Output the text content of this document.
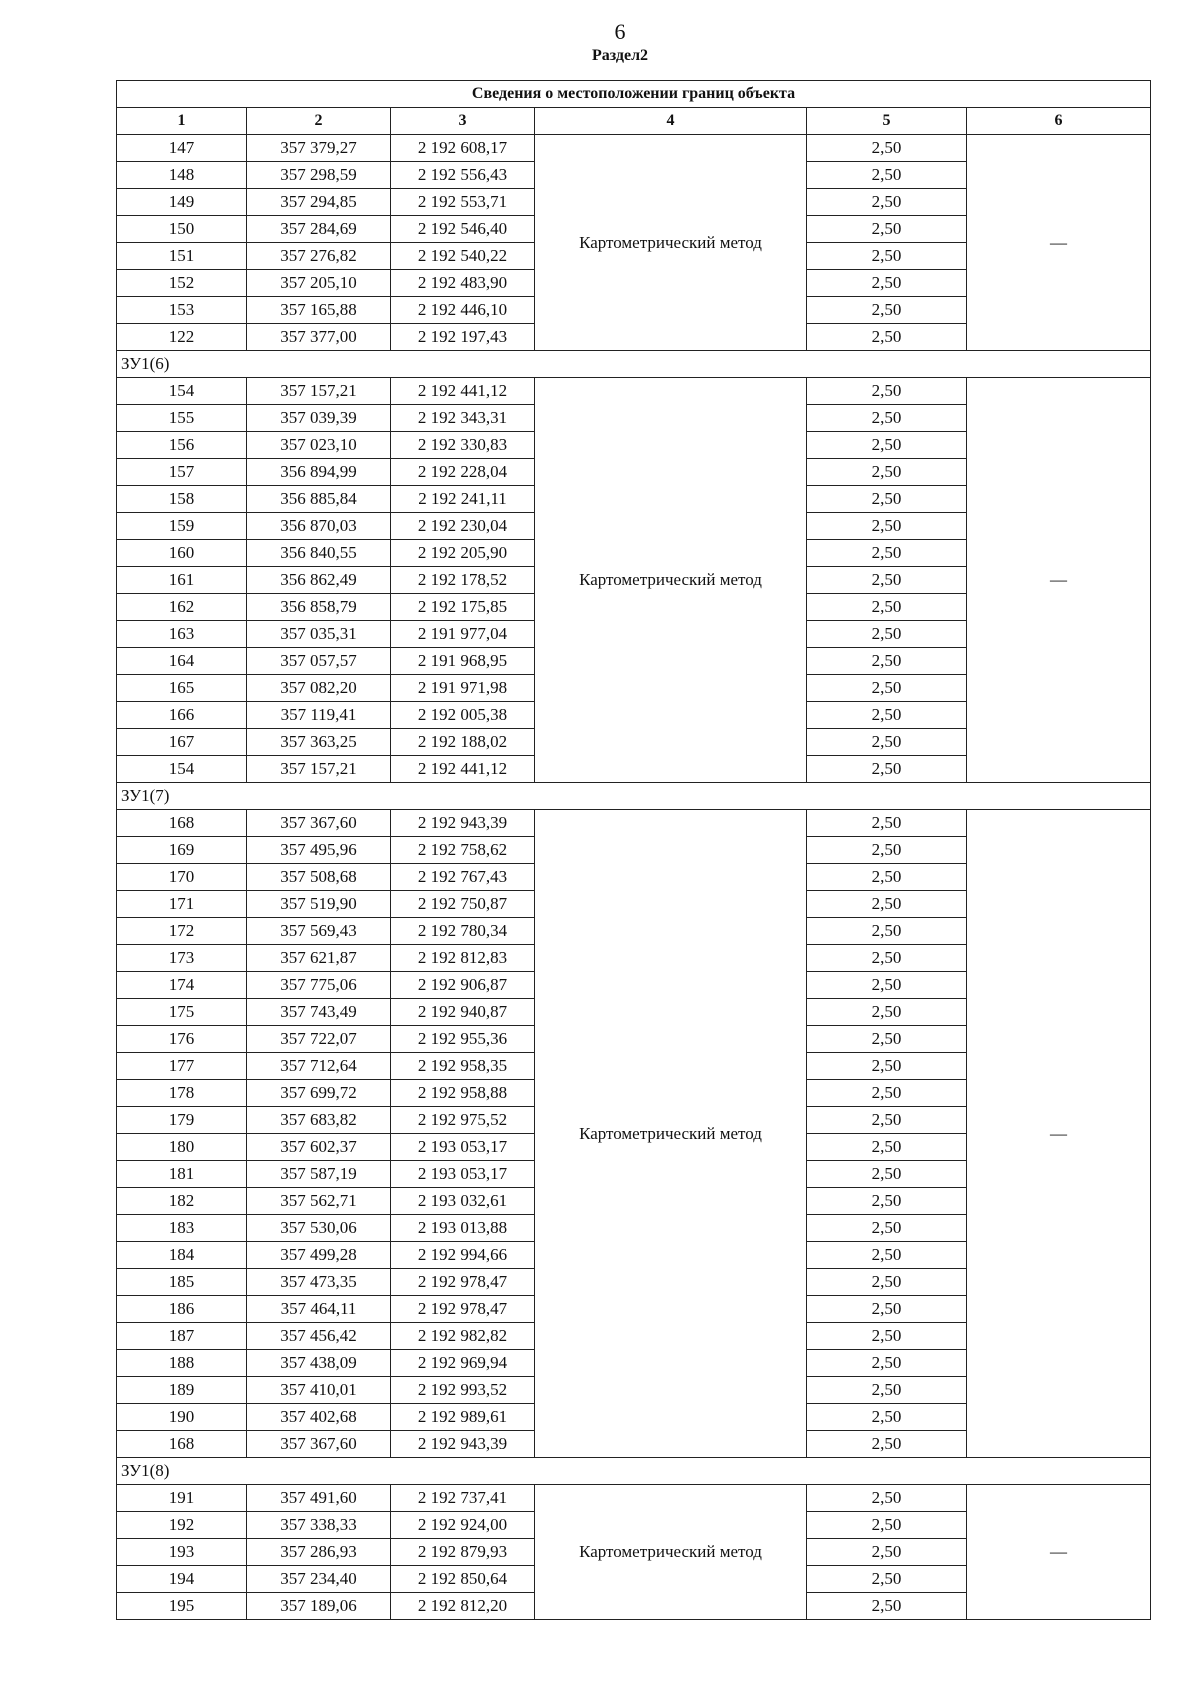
6
Раздел2
Сведения о местоположении границ объекта					
1	2	3	4	5	6
147	357 379,27	2 192 608,17	Картометрический метод	2,50	—
148	357 298,59	2 192 556,43		2,50	
149	357 294,85	2 192 553,71		2,50	
150	357 284,69	2 192 546,40		2,50	
151	357 276,82	2 192 540,22		2,50	
152	357 205,10	2 192 483,90		2,50	
153	357 165,88	2 192 446,10		2,50	
122	357 377,00	2 192 197,43		2,50	
ЗУ1(6)					
154	357 157,21	2 192 441,12	Картометрический метод	2,50	—
155	357 039,39	2 192 343,31		2,50	
156	357 023,10	2 192 330,83		2,50	
157	356 894,99	2 192 228,04		2,50	
158	356 885,84	2 192 241,11		2,50	
159	356 870,03	2 192 230,04		2,50	
160	356 840,55	2 192 205,90		2,50	
161	356 862,49	2 192 178,52		2,50	
162	356 858,79	2 192 175,85		2,50	
163	357 035,31	2 191 977,04		2,50	
164	357 057,57	2 191 968,95		2,50	
165	357 082,20	2 191 971,98		2,50	
166	357 119,41	2 192 005,38		2,50	
167	357 363,25	2 192 188,02		2,50	
154	357 157,21	2 192 441,12		2,50	
ЗУ1(7)					
168	357 367,60	2 192 943,39	Картометрический метод	2,50	—
169	357 495,96	2 192 758,62		2,50	
170	357 508,68	2 192 767,43		2,50	
171	357 519,90	2 192 750,87		2,50	
172	357 569,43	2 192 780,34		2,50	
173	357 621,87	2 192 812,83		2,50	
174	357 775,06	2 192 906,87		2,50	
175	357 743,49	2 192 940,87		2,50	
176	357 722,07	2 192 955,36		2,50	
177	357 712,64	2 192 958,35		2,50	
178	357 699,72	2 192 958,88		2,50	
179	357 683,82	2 192 975,52		2,50	
180	357 602,37	2 193 053,17		2,50	
181	357 587,19	2 193 053,17		2,50	
182	357 562,71	2 193 032,61		2,50	
183	357 530,06	2 193 013,88		2,50	
184	357 499,28	2 192 994,66		2,50	
185	357 473,35	2 192 978,47		2,50	
186	357 464,11	2 192 978,47		2,50	
187	357 456,42	2 192 982,82		2,50	
188	357 438,09	2 192 969,94		2,50	
189	357 410,01	2 192 993,52		2,50	
190	357 402,68	2 192 989,61		2,50	
168	357 367,60	2 192 943,39		2,50	
ЗУ1(8)					
191	357 491,60	2 192 737,41	Картометрический метод	2,50	—
192	357 338,33	2 192 924,00		2,50	
193	357 286,93	2 192 879,93		2,50	
194	357 234,40	2 192 850,64		2,50	
195	357 189,06	2 192 812,20		2,50	
